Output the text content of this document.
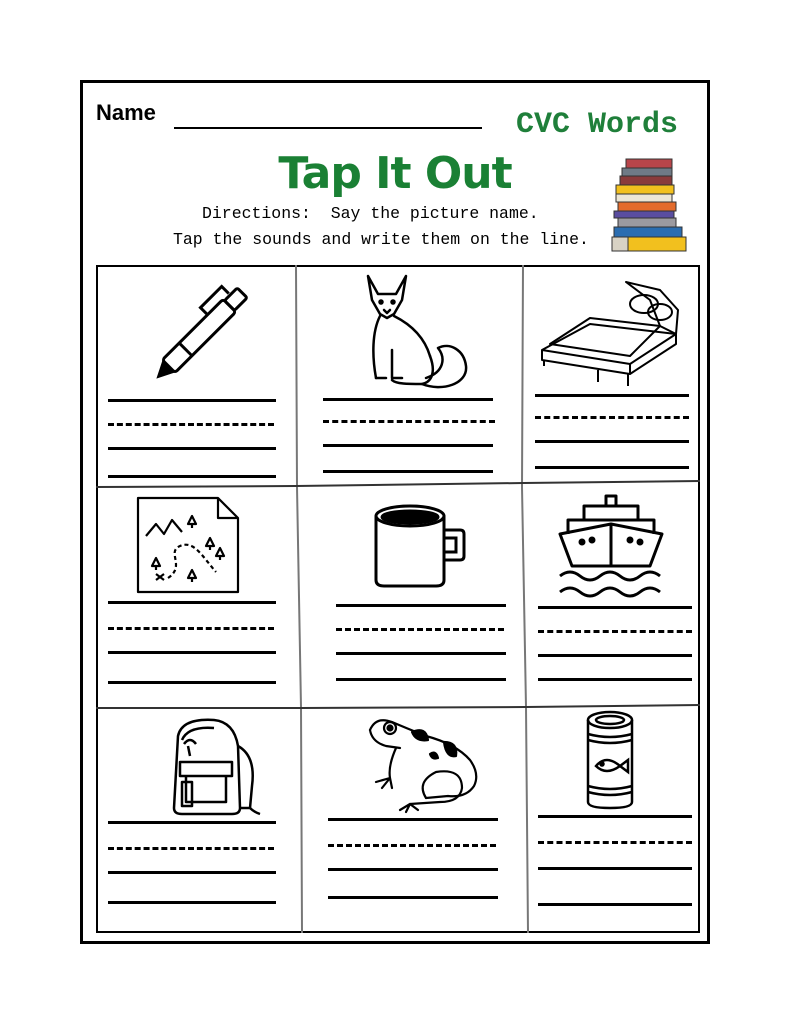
Name	CVC Words
Tap It Out
Directions:  Say the picture name.
Tap the sounds and write them on the line.
